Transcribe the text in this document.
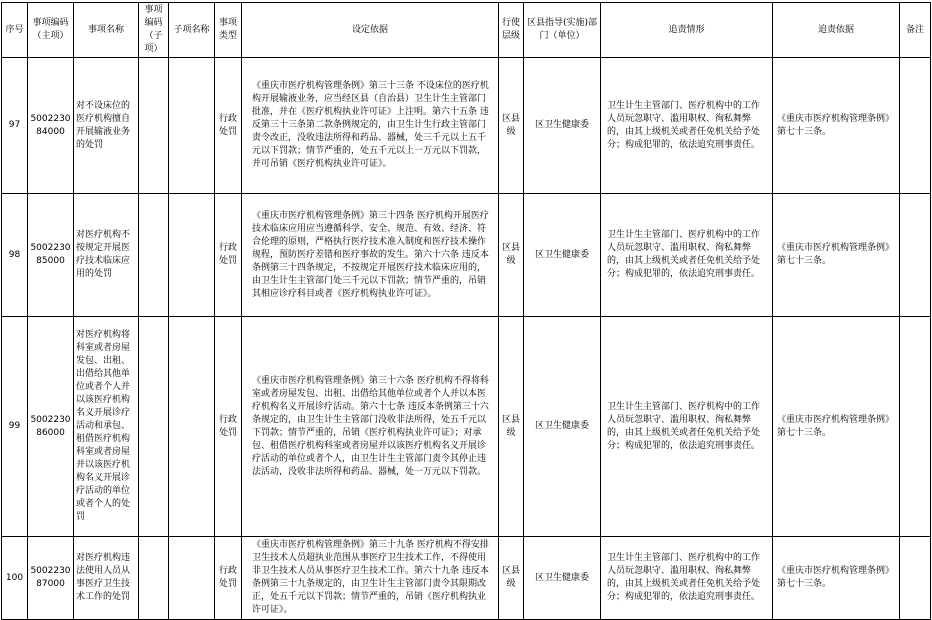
序号	事项编码（主项）	事项名称	事项编码（子项）	子项名称	事项类型	设定依据	行使层级	区县指导(实施)部门（单位）	追责情形	追责依据	备注
97	500223084000	对不设床位的医疗机构擅自开展输液业务的处罚			行政处罚	《重庆市医疗机构管理条例》第三十三条 不设床位的医疗机构开展输液业务，应当经区县（自治县）卫生计生主管部门批准，并在《医疗机构执业许可证》上注明。第六十五条 违反第三十三条第二款条例规定的，由卫生计生行政主管部门责令改正，没收违法所得和药品、器械，处三千元以上五千元以下罚款；情节严重的，处五千元以上一万元以下罚款，并可吊销《医疗机构执业许可证》。	区县级	区卫生健康委	卫生计生主管部门、医疗机构中的工作人员玩忽职守、滥用职权、徇私舞弊的，由其上级机关或者任免机关给予处分；构成犯罪的，依法追究刑事责任。	《重庆市医疗机构管理条例》第七十三条。	
98	500223085000	对医疗机构不按规定开展医疗技术临床应用的处罚			行政处罚	《重庆市医疗机构管理条例》第三十四条 医疗机构开展医疗技术临床应用应当遵循科学、安全、规范、有效、经济、符合伦理的原则，严格执行医疗技术准入制度和医疗技术操作规程，预防医疗差错和医疗事故的发生。第六十六条 违反本条例第三十四条规定，不按规定开展医疗技术临床应用的，由卫生计生主管部门处三千元以下罚款；情节严重的，吊销其相应诊疗科目或者《医疗机构执业许可证》。	区县级	区卫生健康委	卫生计生主管部门、医疗机构中的工作人员玩忽职守、滥用职权、徇私舞弊的，由其上级机关或者任免机关给予处分；构成犯罪的，依法追究刑事责任。	《重庆市医疗机构管理条例》第七十三条。	
99	500223086000	对医疗机构将科室或者房屋发包、出租、出借给其他单位或者个人并以该医疗机构名义开展诊疗活动和承包、租借医疗机构科室或者房屋并以该医疗机构名义开展诊疗活动的单位或者个人的处罚			行政处罚	《重庆市医疗机构管理条例》第三十六条 医疗机构不得将科室或者房屋发包、出租、出借给其他单位或者个人并以本医疗机构名义开展诊疗活动。第六十七条 违反本条例第三十六条规定的，由卫生计生主管部门没收非法所得，处五千元以下罚款；情节严重的，吊销《医疗机构执业许可证》；对承包、租借医疗机构科室或者房屋并以该医疗机构名义开展诊疗活动的单位或者个人，由卫生计生主管部门责令其停止违法活动，没收非法所得和药品、器械，处一万元以下罚款。	区县级	区卫生健康委	卫生计生主管部门、医疗机构中的工作人员玩忽职守、滥用职权、徇私舞弊的，由其上级机关或者任免机关给予处分；构成犯罪的，依法追究刑事责任。	《重庆市医疗机构管理条例》第七十三条。	
100	500223087000	对医疗机构违法使用人员从事医疗卫生技术工作的处罚			行政处罚	《重庆市医疗机构管理条例》第三十九条 医疗机构不得安排卫生技术人员超执业范围从事医疗卫生技术工作，不得使用非卫生技术人员从事医疗卫生技术工作。第六十九条 违反本条例第三十九条规定的，由卫生计生主管部门责令其限期改正，处五千元以下罚款；情节严重的，吊销《医疗机构执业许可证》。	区县级	区卫生健康委	卫生计生主管部门、医疗机构中的工作人员玩忽职守、滥用职权、徇私舞弊的，由其上级机关或者任免机关给予处分；构成犯罪的，依法追究刑事责任。	《重庆市医疗机构管理条例》第七十三条。	
